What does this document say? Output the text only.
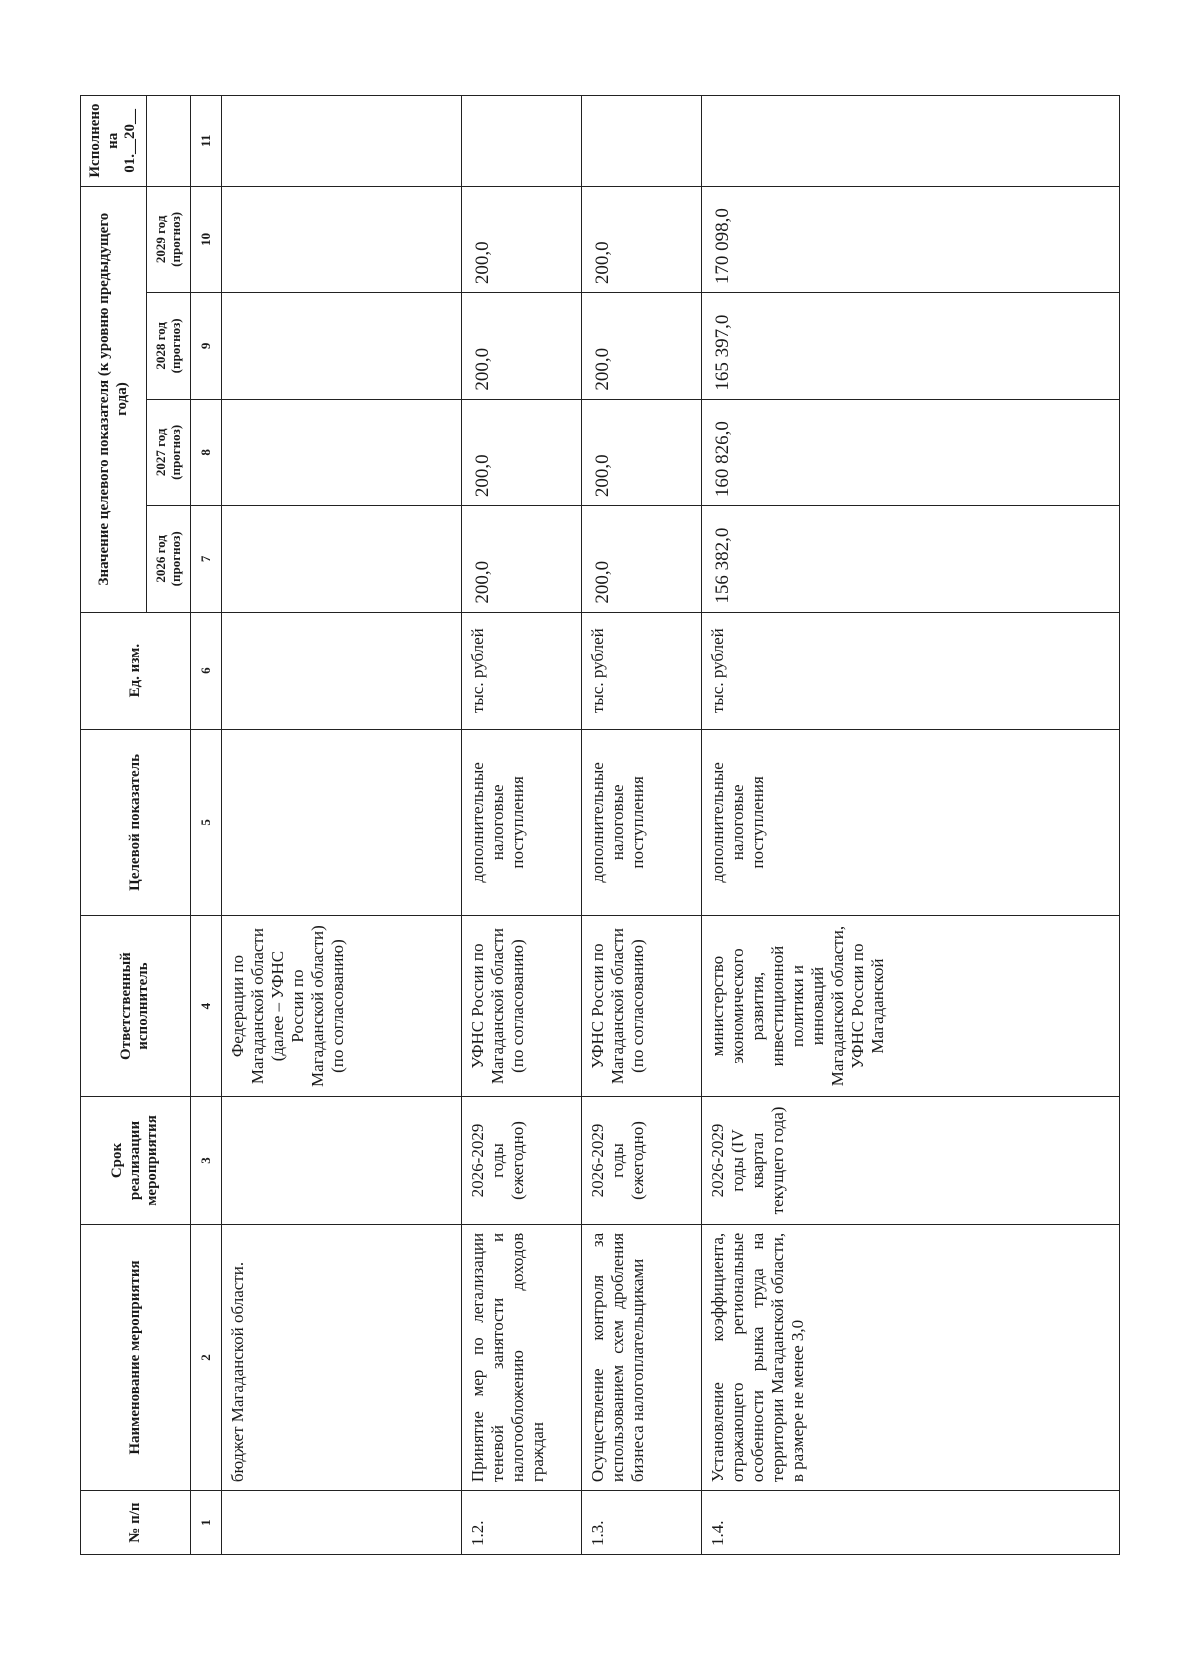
№ п/п	Наименование мероприятия	Срок реализации мероприятия	Ответственный исполнитель	Целевой показатель	Ед. изм.	Значение целевого показателя (к уровню предыдущего года)				Исполнено на 01.__20__
						2026 год (прогноз)	2027 год (прогноз)	2028 год (прогноз)	2029 год (прогноз)	
1	2	3	4	5	6	7	8	9	10	11
	бюджет Магаданской области.		Федерации по Магаданской области (далее – УФНС России по Магаданской области) (по согласованию)							
1.2.	Принятие мер по легализации теневой занятости и налогообложению доходов граждан	2026-2029 годы (ежегодно)	УФНС России по Магаданской области (по согласованию)	дополнительные налоговые поступления	тыс. рублей	200,0	200,0	200,0	200,0	
1.3.	Осуществление контроля за использованием схем дробления бизнеса налогоплательщиками	2026-2029 годы (ежегодно)	УФНС России по Магаданской области (по согласованию)	дополнительные налоговые поступления	тыс. рублей	200,0	200,0	200,0	200,0	
1.4.	Установление коэффициента, отражающего региональные особенности рынка труда на территории Магаданской области, в размере не менее 3,0	2026-2029 годы (IV квартал текущего года)	министерство экономического развития, инвестиционной политики и инноваций Магаданской области, УФНС России по Магаданской	дополнительные налоговые поступления	тыс. рублей	156 382,0	160 826,0	165 397,0	170 098,0	
